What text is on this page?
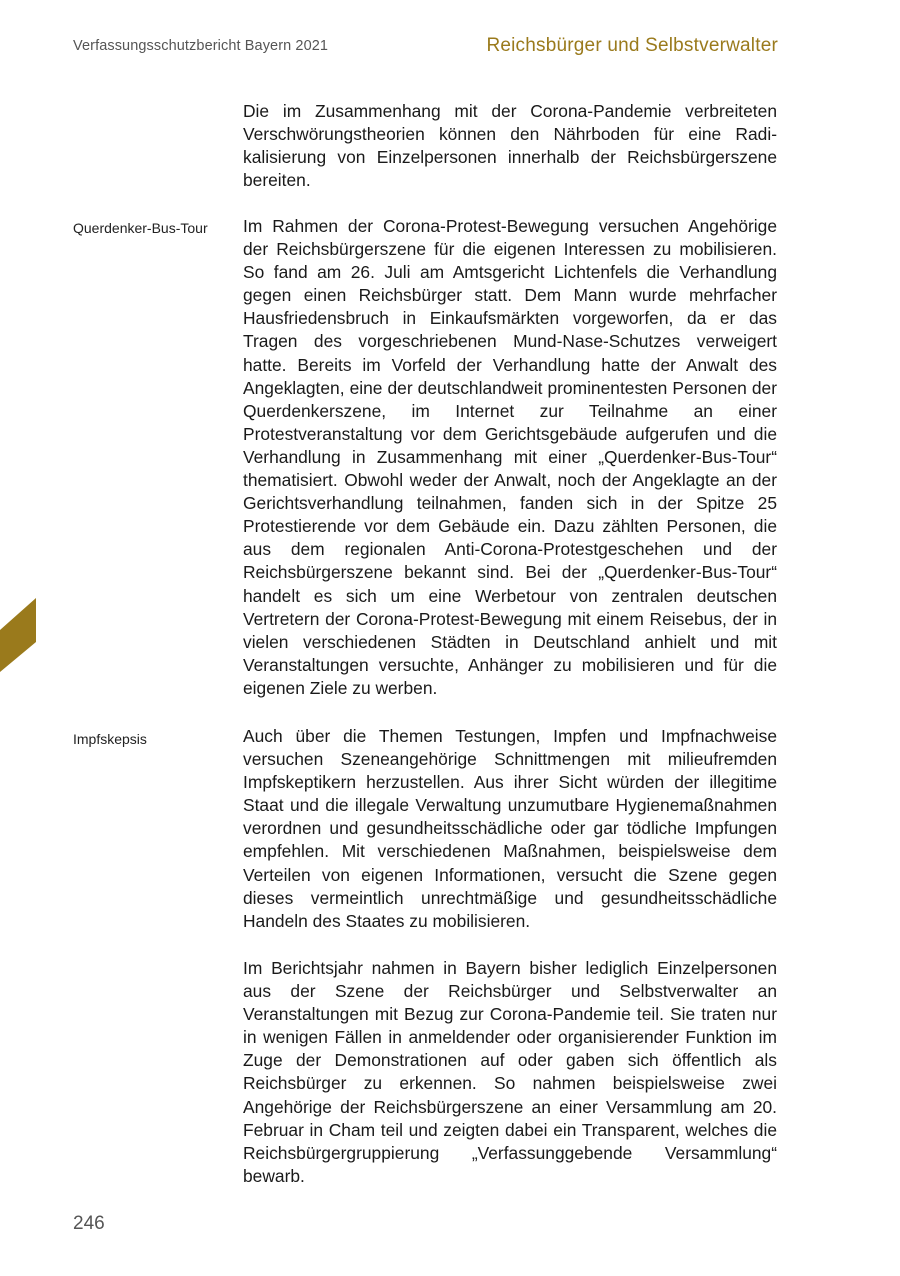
Verfassungsschutzbericht Bayern 2021	Reichsbürger und Selbstverwalter

Die im Zusammenhang mit der Corona-Pandemie verbreiteten Verschwörungstheorien können den Nährboden für eine Radikalisierung von Einzelpersonen innerhalb der Reichsbürgerszene bereiten.

Querdenker-Bus-Tour Im Rahmen der Corona-Protest-Bewegung versuchen Angehörige der Reichsbürgerszene für die eigenen Interessen zu mobilisieren. So fand am 26. Juli am Amtsgericht Lichtenfels die Verhandlung gegen einen Reichsbürger statt. Dem Mann wurde mehrfacher Hausfriedensbruch in Einkaufsmärkten vorgeworfen, da er das Tragen des vorgeschriebenen Mund-Nase-Schutzes verweigert hatte. Bereits im Vorfeld der Verhandlung hatte der Anwalt des Angeklagten, eine der deutschlandweit prominentesten Personen der Querdenkerszene, im Internet zur Teilnahme an einer Protestveranstaltung vor dem Gerichtsgebäude aufgerufen und die Verhandlung in Zusammenhang mit einer „Querdenker-Bus-Tour“ thematisiert. Obwohl weder der Anwalt, noch der Angeklagte an der Gerichtsverhandlung teilnahmen, fanden sich in der Spitze 25 Protestierende vor dem Gebäude ein. Dazu zählten Personen, die aus dem regionalen Anti-Corona-Protestgeschehen und der Reichsbürgerszene bekannt sind. Bei der „Querdenker-Bus-Tour“ handelt es sich um eine Werbetour von zentralen deutschen Vertretern der Corona-Protest-Bewegung mit einem Reisebus, der in vielen verschiedenen Städten in Deutschland anhielt und mit Veranstaltungen versuchte, Anhänger zu mobilisieren und für die eigenen Ziele zu werben.

Impfskepsis	Auch über die Themen Testungen, Impfen und Impfnachweise versuchen Szeneangehörige Schnittmengen mit milieufremden Impfskeptikern herzustellen. Aus ihrer Sicht würden der illegitime Staat und die illegale Verwaltung unzumutbare Hygienemaßnahmen verordnen und gesundheitsschädliche oder gar tödliche Impfungen empfehlen. Mit verschiedenen Maßnahmen, beispielsweise dem Verteilen von eigenen Informationen, versucht die Szene gegen dieses vermeintlich unrechtmäßige und gesundheitsschädliche Handeln des Staates zu mobilisieren.

Im Berichtsjahr nahmen in Bayern bisher lediglich Einzelpersonen aus der Szene der Reichsbürger und Selbstverwalter an Veranstaltungen mit Bezug zur Corona-Pandemie teil. Sie traten nur in wenigen Fällen in anmeldender oder organisierender Funktion im Zuge der Demonstrationen auf oder gaben sich öffentlich als Reichsbürger zu erkennen. So nahmen beispielsweise zwei Angehörige der Reichsbürgerszene an einer Versammlung am 20. Februar in Cham teil und zeigten dabei ein Transparent, welches die Reichsbürgergruppierung „Verfassunggebende Versammlung“ bewarb.

246
